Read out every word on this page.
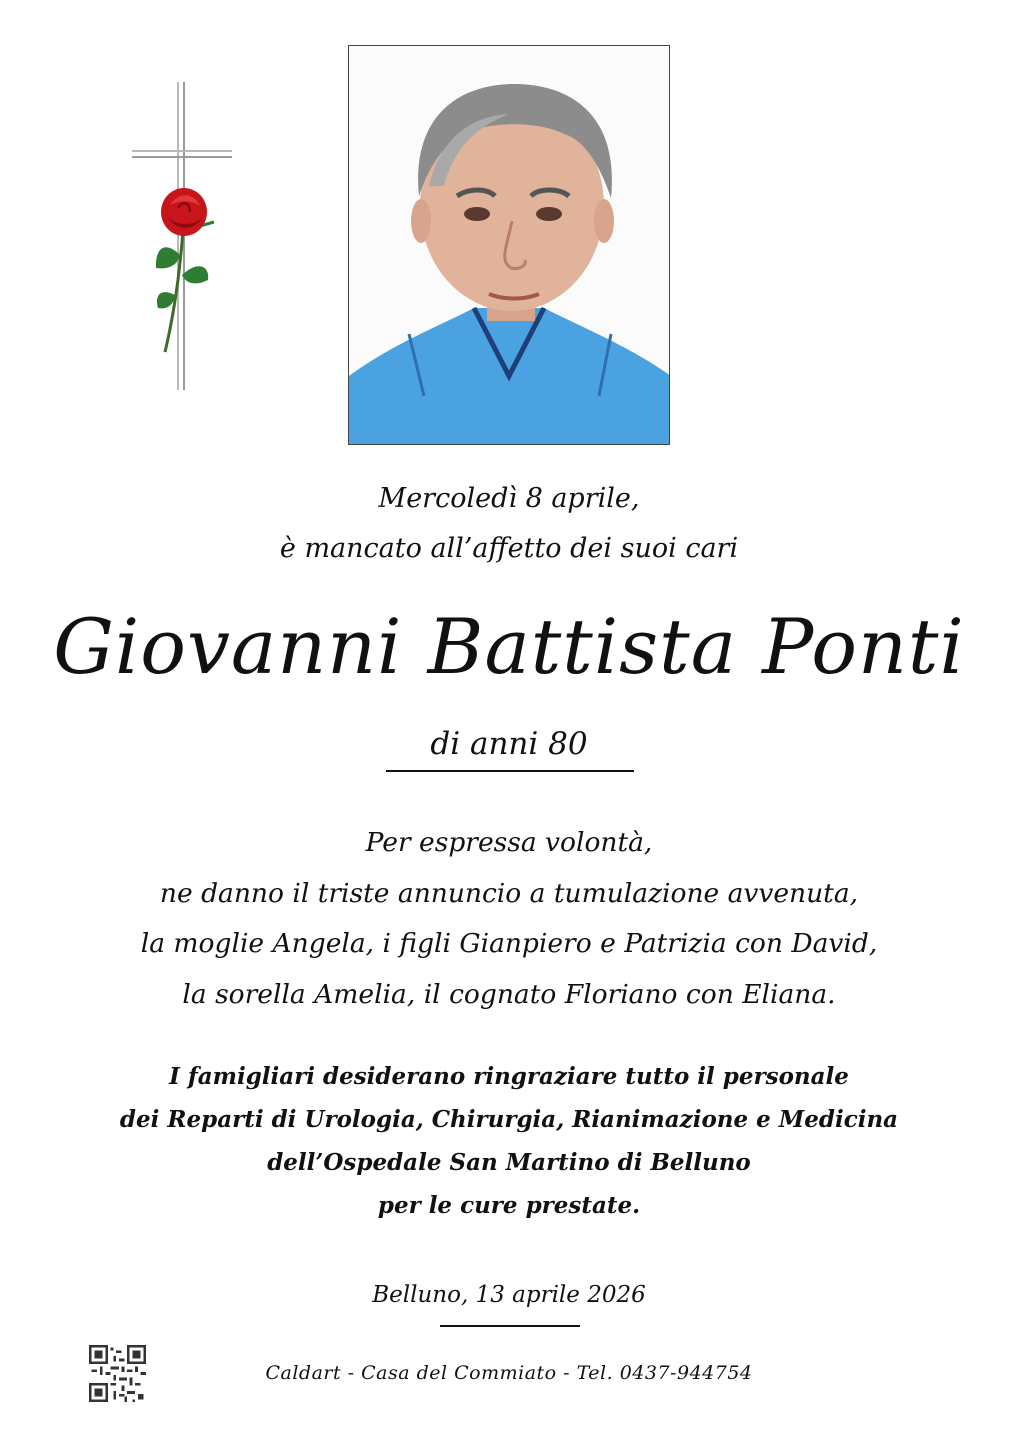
Mercoledì 8 aprile,
è mancato all’affetto dei suoi cari
Giovanni Battista Ponti
di anni 80
Per espressa volontà,
ne danno il triste annuncio a tumulazione avvenuta,
la moglie Angela, i figli Gianpiero e Patrizia con David,
la sorella Amelia, il cognato Floriano con Eliana.
I famigliari desiderano ringraziare tutto il personale
dei Reparti di Urologia, Chirurgia, Rianimazione e Medicina
dell’Ospedale San Martino di Belluno
per le cure prestate.
Belluno, 13 aprile 2026
Caldart - Casa del Commiato - Tel. 0437-944754
